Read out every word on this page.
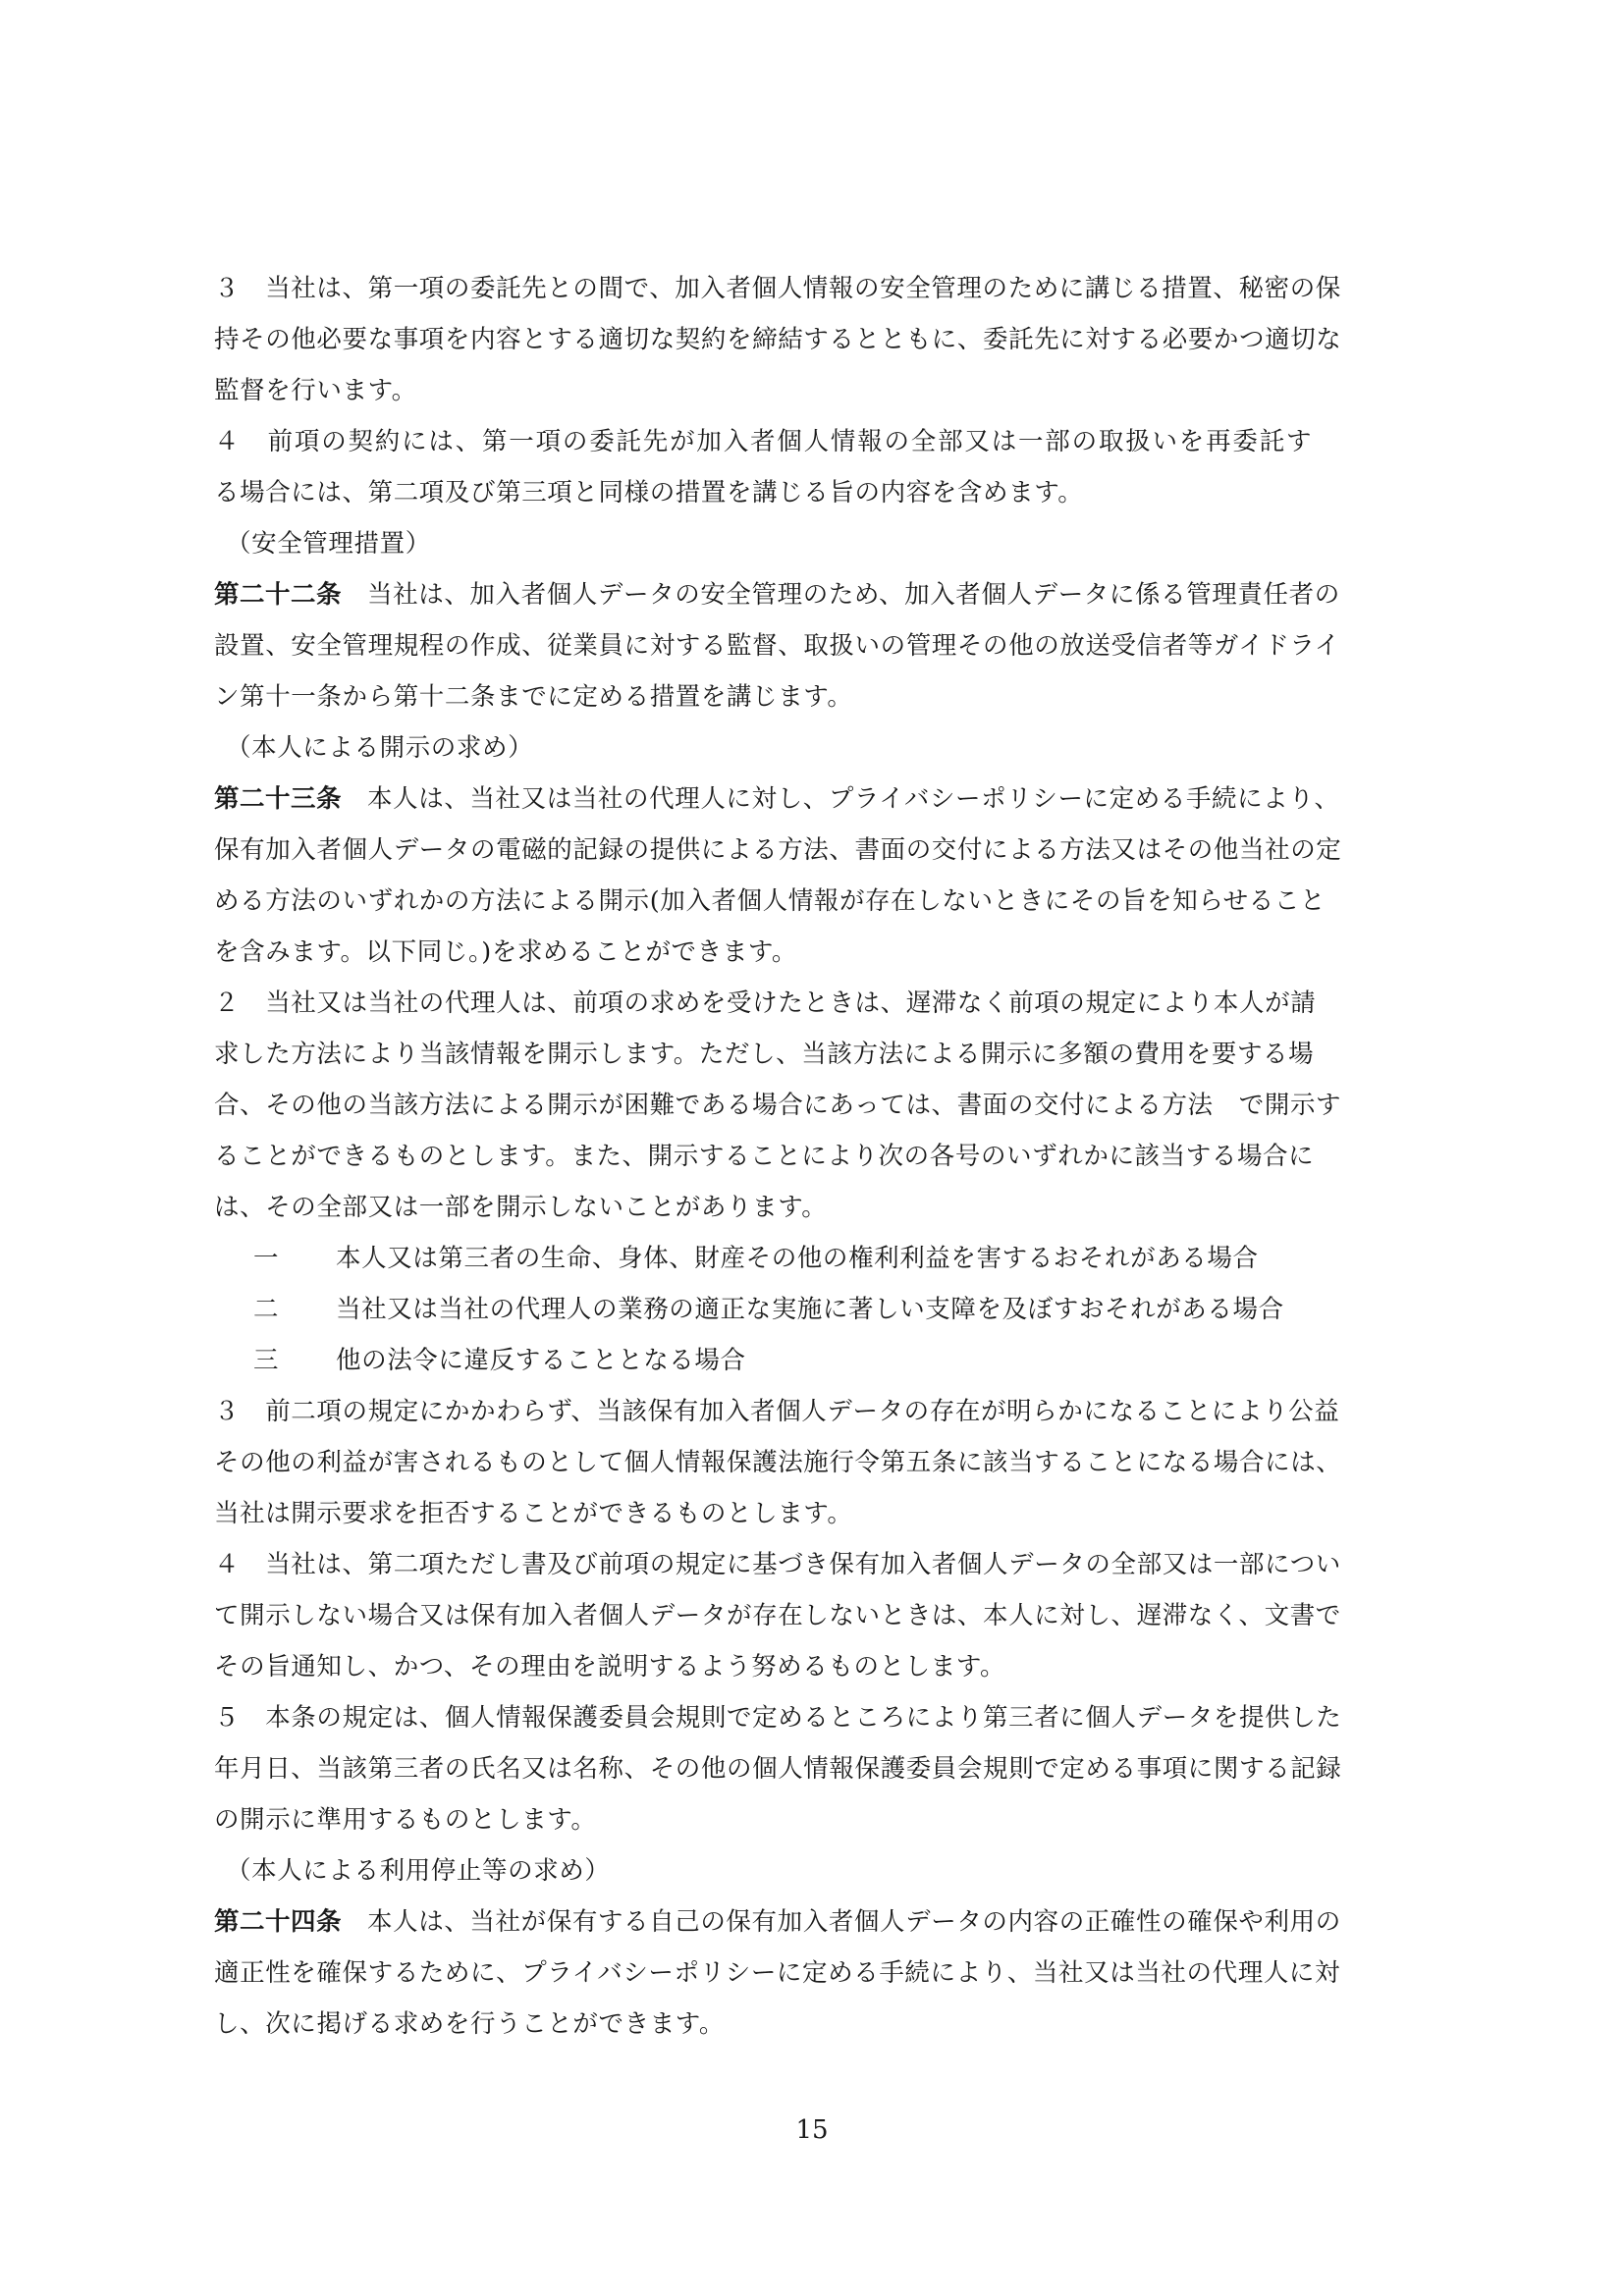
３　当社は、第一項の委託先との間で、加入者個人情報の安全管理のために講じる措置、秘密の保
持その他必要な事項を内容とする適切な契約を締結するとともに、委託先に対する必要かつ適切な
監督を行います。
４　前項の契約には、第一項の委託先が加入者個人情報の全部又は一部の取扱いを再委託す
る場合には、第二項及び第三項と同様の措置を講じる旨の内容を含めます。
（安全管理措置）
第二十二条 当社は、加入者個人データの安全管理のため、加入者個人データに係る管理責任者の
設置、安全管理規程の作成、従業員に対する監督、取扱いの管理その他の放送受信者等ガイドライ
ン第十一条から第十二条までに定める措置を講じます。
（本人による開示の求め）
第二十三条 本人は、当社又は当社の代理人に対し、プライバシーポリシーに定める手続により、
保有加入者個人データの電磁的記録の提供による方法、書面の交付による方法又はその他当社の定
める方法のいずれかの方法による開示(加入者個人情報が存在しないときにその旨を知らせること
を含みます。以下同じ。)を求めることができます。
２　当社又は当社の代理人は、前項の求めを受けたときは、遅滞なく前項の規定により本人が請
求した方法により当該情報を開示します。ただし、当該方法による開示に多額の費用を要する場
合、その他の当該方法による開示が困難である場合にあっては、書面の交付による方法　で開示す
ることができるものとします。また、開示することにより次の各号のいずれかに該当する場合に
は、その全部又は一部を開示しないことがあります。
一 本人又は第三者の生命、身体、財産その他の権利利益を害するおそれがある場合
二 当社又は当社の代理人の業務の適正な実施に著しい支障を及ぼすおそれがある場合
三 他の法令に違反することとなる場合
３　前二項の規定にかかわらず、当該保有加入者個人データの存在が明らかになることにより公益
その他の利益が害されるものとして個人情報保護法施行令第五条に該当することになる場合には、
当社は開示要求を拒否することができるものとします。
４　当社は、第二項ただし書及び前項の規定に基づき保有加入者個人データの全部又は一部につい
て開示しない場合又は保有加入者個人データが存在しないときは、本人に対し、遅滞なく、文書で
その旨通知し、かつ、その理由を説明するよう努めるものとします。
５　本条の規定は、個人情報保護委員会規則で定めるところにより第三者に個人データを提供した
年月日、当該第三者の氏名又は名称、その他の個人情報保護委員会規則で定める事項に関する記録
の開示に準用するものとします。
（本人による利用停止等の求め）
第二十四条 本人は、当社が保有する自己の保有加入者個人データの内容の正確性の確保や利用の
適正性を確保するために、プライバシーポリシーに定める手続により、当社又は当社の代理人に対
し、次に掲げる求めを行うことができます。
15
